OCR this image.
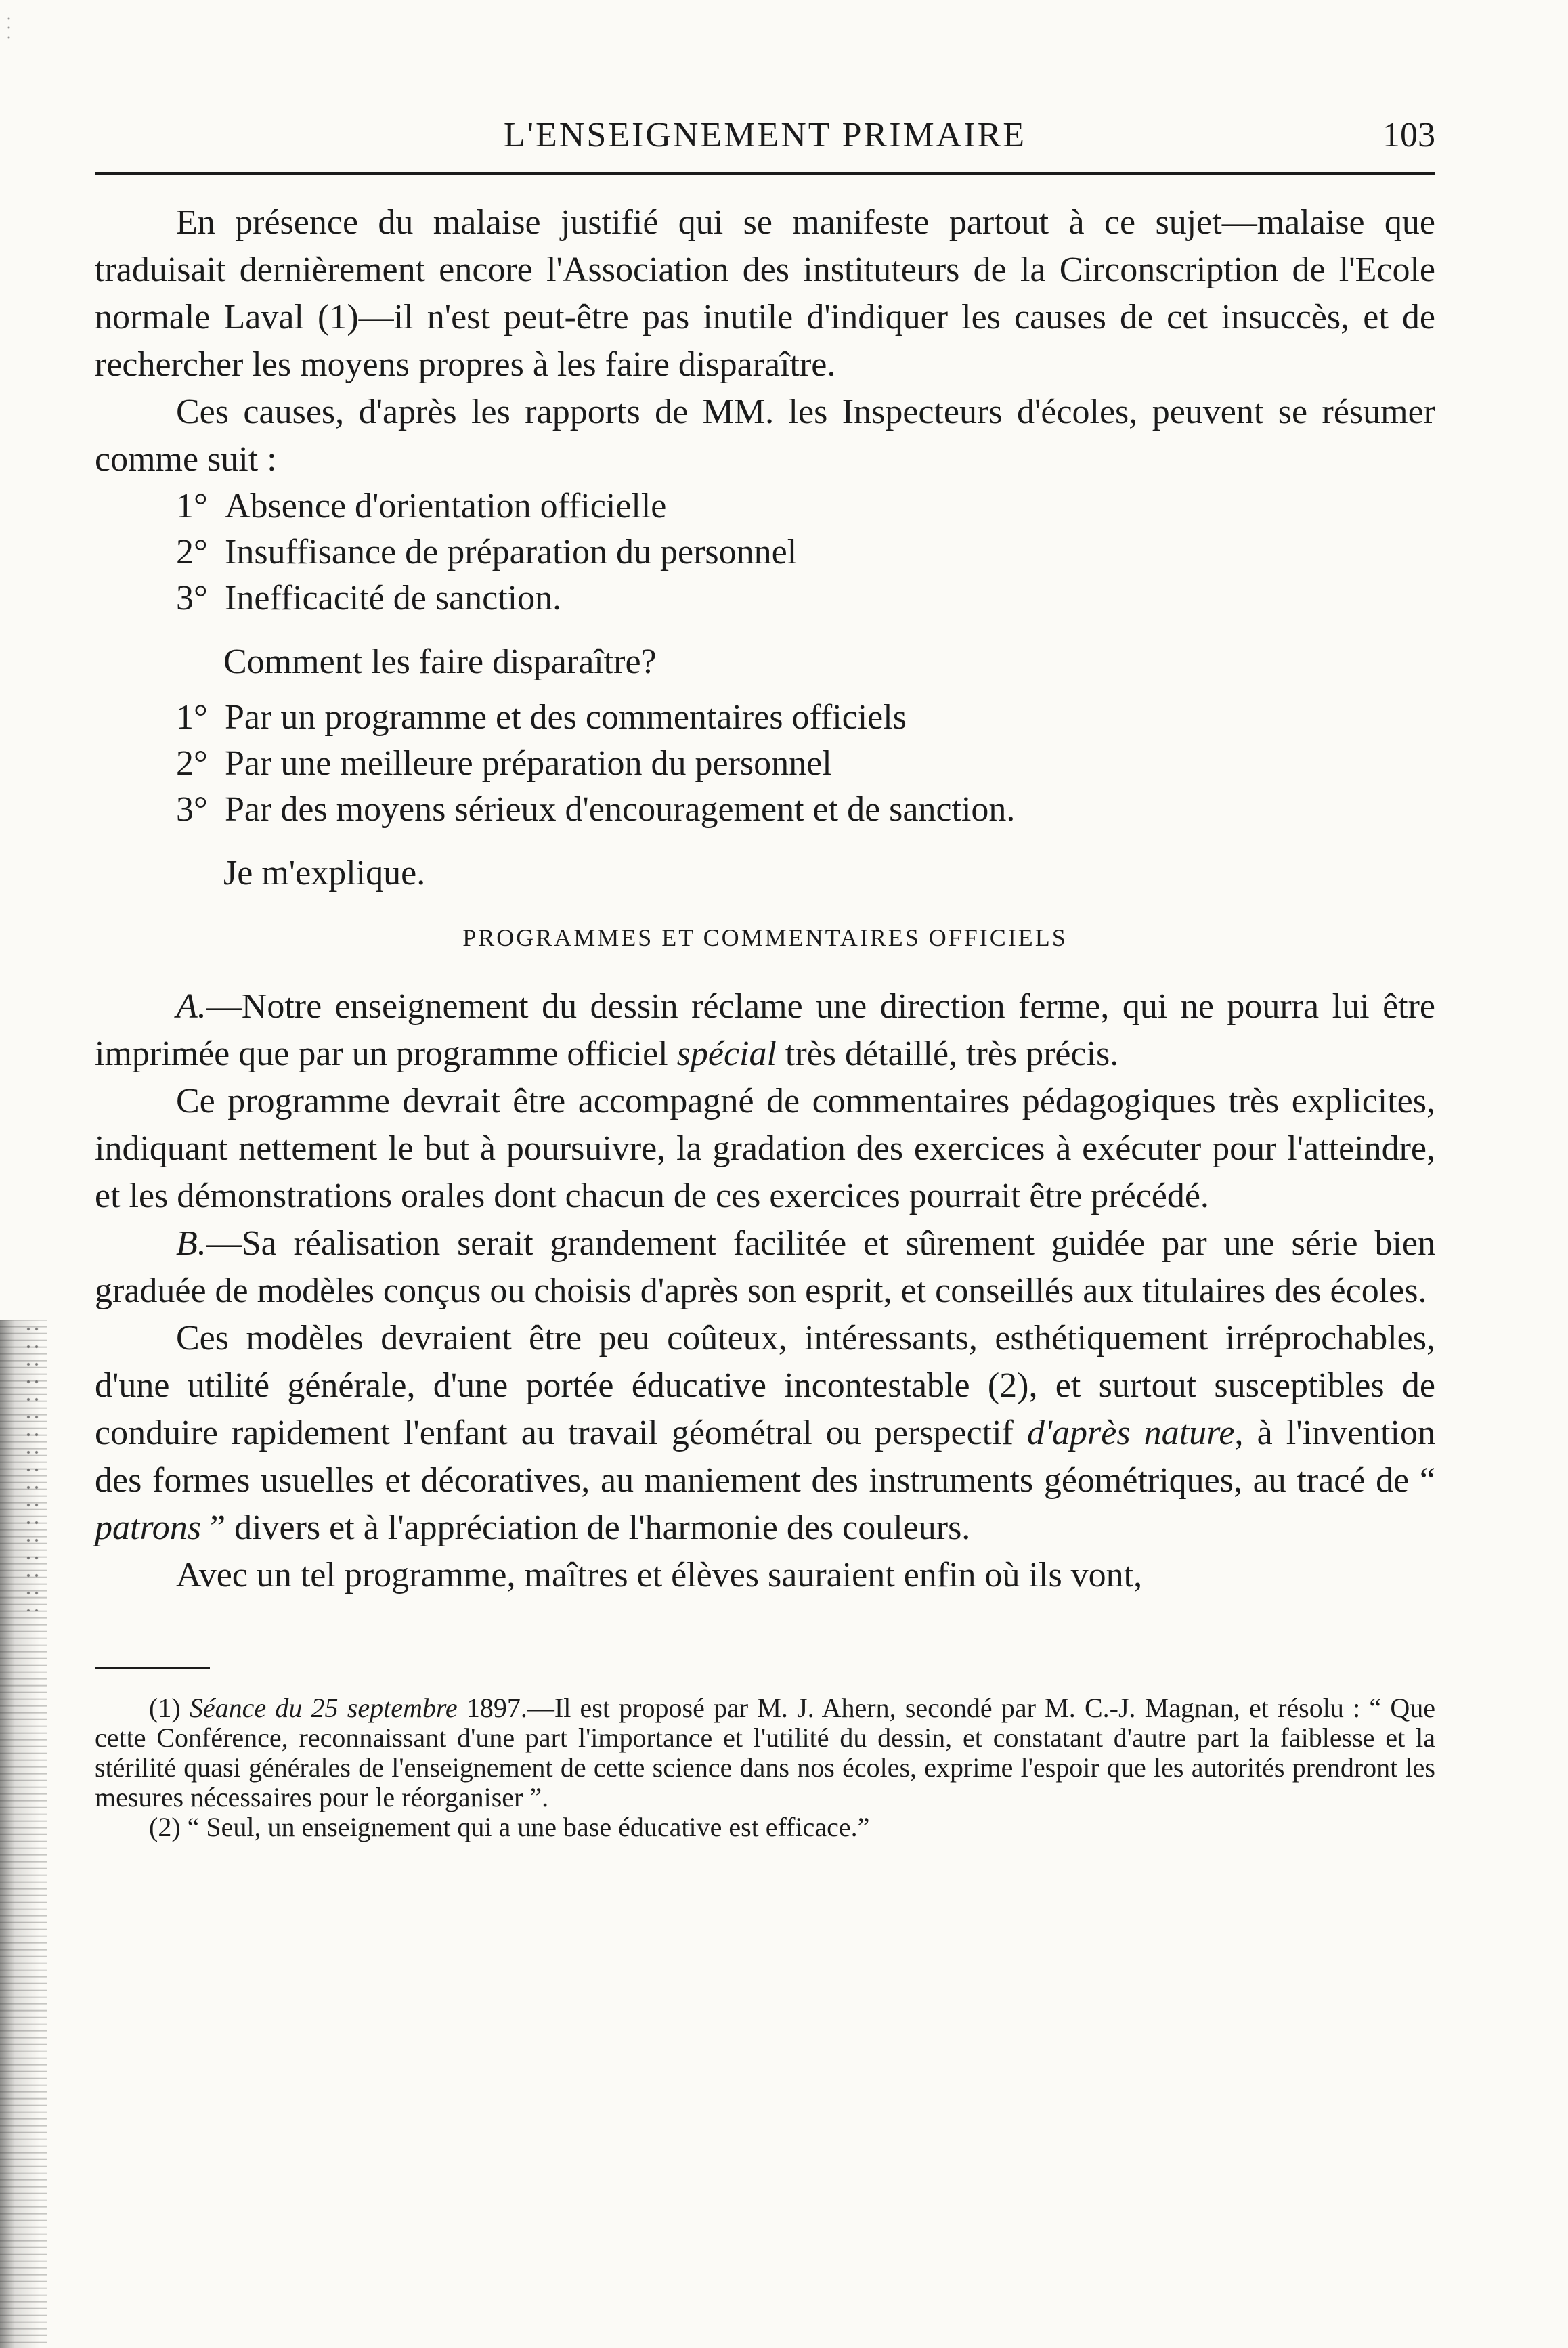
L'ENSEIGNEMENT PRIMAIRE	103

En présence du malaise justifié qui se manifeste partout à ce sujet—malaise que traduisait dernièrement encore l'Association des instituteurs de la Circonscription de l'Ecole normale Laval (1)—il n'est peut-être pas inutile d'indiquer les causes de cet insuccès, et de rechercher les moyens propres à les faire disparaître.

Ces causes, d'après les rapports de MM. les Inspecteurs d'écoles, peuvent se résumer comme suit :

1° Absence d'orientation officielle
2° Insuffisance de préparation du personnel
3° Inefficacité de sanction.
Comment les faire disparaître?
1° Par un programme et des commentaires officiels
2° Par une meilleure préparation du personnel
3° Par des moyens sérieux d'encouragement et de sanction.
Je m'explique.
PROGRAMMES ET COMMENTAIRES OFFICIELS

A.—Notre enseignement du dessin réclame une direction ferme, qui ne pourra lui être imprimée que par un programme officiel spécial très détaillé, très précis.

Ce programme devrait être accompagné de commentaires pédagogiques très explicites, indiquant nettement le but à poursuivre, la gradation des exercices à exécuter pour l'atteindre, et les démonstrations orales dont chacun de ces exercices pourrait être précédé.

B.—Sa réalisation serait grandement facilitée et sûrement guidée par une série bien graduée de modèles conçus ou choisis d'après son esprit, et conseillés aux titulaires des écoles.

Ces modèles devraient être peu coûteux, intéressants, esthétiquement irréprochables, d'une utilité générale, d'une portée éducative incontestable (2), et surtout susceptibles de conduire rapidement l'enfant au travail géométral ou perspectif d'après nature, à l'invention des formes usuelles et décoratives, au maniement des instruments géométriques, au tracé de “ patrons ” divers et à l'appréciation de l'harmonie des couleurs.

Avec un tel programme, maîtres et élèves sauraient enfin où ils vont,

(1) Séance du 25 septembre 1897.—Il est proposé par M. J. Ahern, secondé par M. C.-J. Magnan, et résolu : “ Que cette Conférence, reconnaissant d'une part l'importance et l'utilité du dessin, et constatant d'autre part la faiblesse et la stérilité quasi générales de l'enseignement de cette science dans nos écoles, exprime l'espoir que les autorités prendront les mesures nécessaires pour le réorganiser ”.

(2) “ Seul, un enseignement qui a une base éducative est efficace.”
